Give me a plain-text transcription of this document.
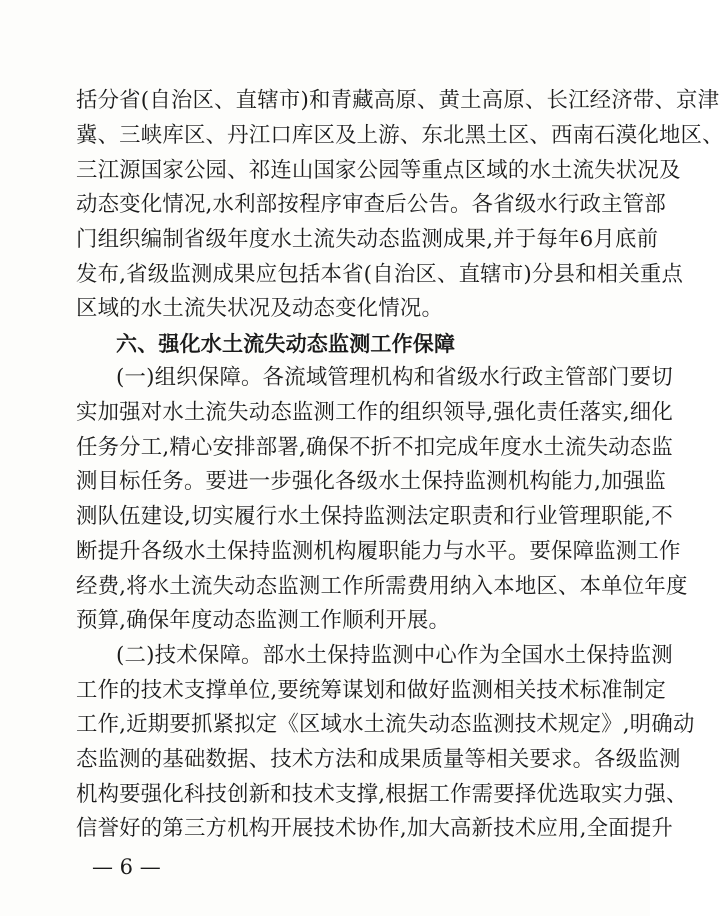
括分省(自治区、直辖市)和青藏高原、黄土高原、长江经济带、京津
冀、三峡库区、丹江口库区及上游、东北黑土区、西南石漠化地区、
三江源国家公园、祁连山国家公园等重点区域的水土流失状况及
动态变化情况,水利部按程序审查后公告。各省级水行政主管部
门组织编制省级年度水土流失动态监测成果,并于每年6月底前
发布,省级监测成果应包括本省(自治区、直辖市)分县和相关重点
区域的水土流失状况及动态变化情况。
六、强化水土流失动态监测工作保障
(一)组织保障。各流域管理机构和省级水行政主管部门要切
实加强对水土流失动态监测工作的组织领导,强化责任落实,细化
任务分工,精心安排部署,确保不折不扣完成年度水土流失动态监
测目标任务。要进一步强化各级水土保持监测机构能力,加强监
测队伍建设,切实履行水土保持监测法定职责和行业管理职能,不
断提升各级水土保持监测机构履职能力与水平。要保障监测工作
经费,将水土流失动态监测工作所需费用纳入本地区、本单位年度
预算,确保年度动态监测工作顺利开展。
(二)技术保障。部水土保持监测中心作为全国水土保持监测
工作的技术支撑单位,要统筹谋划和做好监测相关技术标准制定
工作,近期要抓紧拟定《区域水土流失动态监测技术规定》,明确动
态监测的基础数据、技术方法和成果质量等相关要求。各级监测
机构要强化科技创新和技术支撑,根据工作需要择优选取实力强、
信誉好的第三方机构开展技术协作,加大高新技术应用,全面提升
— 6 —
